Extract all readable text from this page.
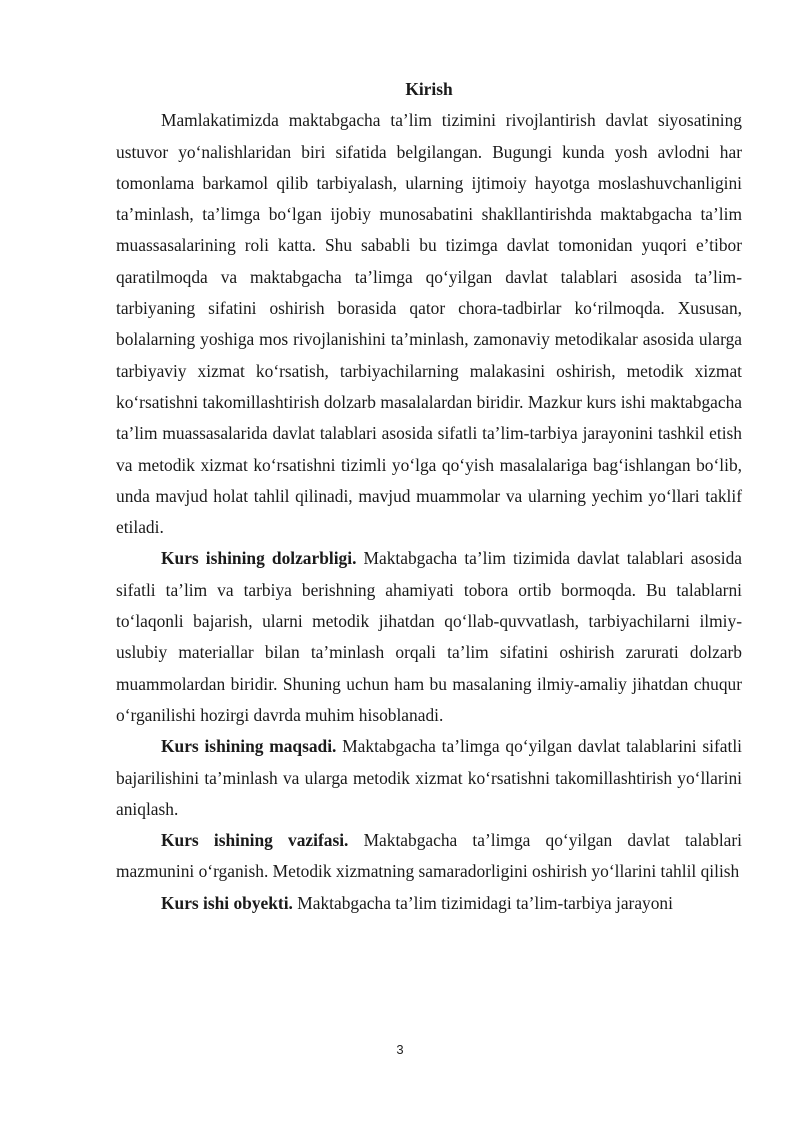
Kirish

Mamlakatimizda maktabgacha ta’lim tizimini rivojlantirish davlat siyosatining ustuvor yo‘nalishlaridan biri sifatida belgilangan. Bugungi kunda yosh avlodni har tomonlama barkamol qilib tarbiyalash, ularning ijtimoiy hayotga moslashuvchanligini ta’minlash, ta’limga bo‘lgan ijobiy munosabatini shakllantirishda maktabgacha ta’lim muassasalarining roli katta. Shu sababli bu tizimga davlat tomonidan yuqori e’tibor qaratilmoqda va maktabgacha ta’limga qo‘yilgan davlat talablari asosida ta’lim-tarbiyaning sifatini oshirish borasida qator chora-tadbirlar ko‘rilmoqda. Xususan, bolalarning yoshiga mos rivojlanishini ta’minlash, zamonaviy metodikalar asosida ularga tarbiyaviy xizmat ko‘rsatish, tarbiyachilarning malakasini oshirish, metodik xizmat ko‘rsatishni takomillashtirish dolzarb masalalardan biridir. Mazkur kurs ishi maktabgacha ta’lim muassasalarida davlat talablari asosida sifatli ta’lim-tarbiya jarayonini tashkil etish va metodik xizmat ko‘rsatishni tizimli yo‘lga qo‘yish masalalariga bag‘ishlangan bo‘lib, unda mavjud holat tahlil qilinadi, mavjud muammolar va ularning yechim yo‘llari taklif etiladi.

Kurs ishining dolzarbligi. Maktabgacha ta’lim tizimida davlat talablari asosida sifatli ta’lim va tarbiya berishning ahamiyati tobora ortib bormoqda. Bu talablarni to‘laqonli bajarish, ularni metodik jihatdan qo‘llab-quvvatlash, tarbiyachilarni ilmiy-uslubiy materiallar bilan ta’minlash orqali ta’lim sifatini oshirish zarurati dolzarb muammolardan biridir. Shuning uchun ham bu masalaning ilmiy-amaliy jihatdan chuqur o‘rganilishi hozirgi davrda muhim hisoblanadi.

Kurs ishining maqsadi. Maktabgacha ta’limga qo‘yilgan davlat talablarini sifatli bajarilishini ta’minlash va ularga metodik xizmat ko‘rsatishni takomillashtirish yo‘llarini aniqlash.

Kurs ishining vazifasi. Maktabgacha ta’limga qo‘yilgan davlat talablari mazmunini o‘rganish. Metodik xizmatning samaradorligini oshirish yo‘llarini tahlil qilish

Kurs ishi obyekti. Maktabgacha ta’lim tizimidagi ta’lim-tarbiya jarayoni

3
